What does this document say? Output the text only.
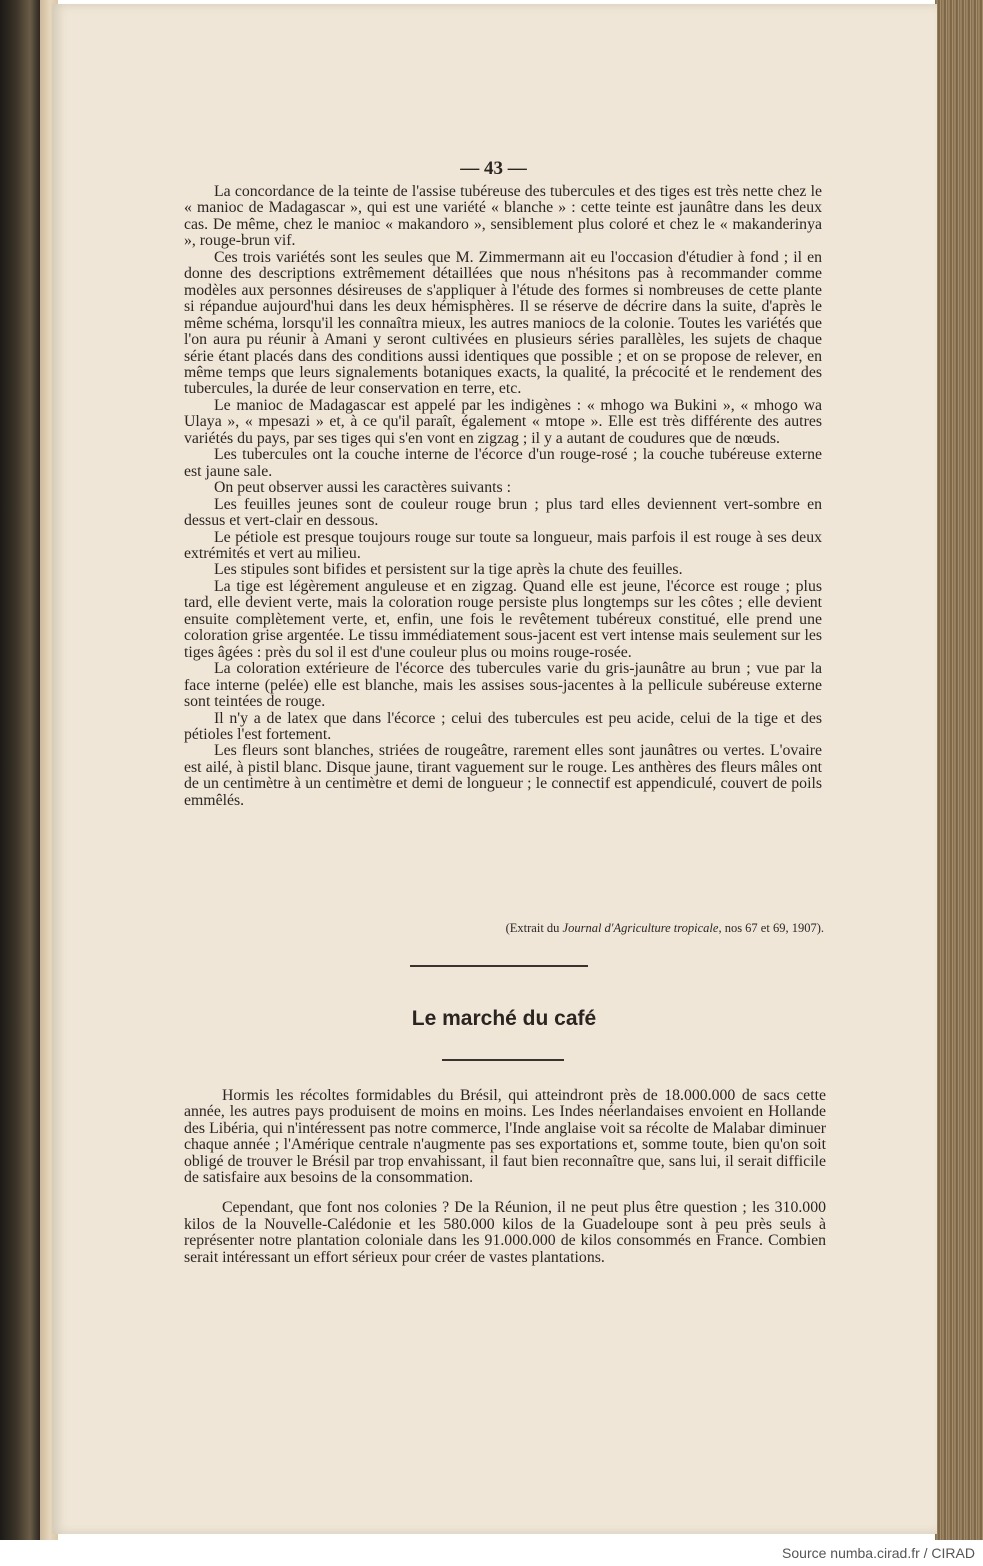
— 43 —

La concordance de la teinte de l'assise tubéreuse des tubercules et des tiges est très nette chez le « manioc de Madagascar », qui est une variété « blanche » : cette teinte est jaunâtre dans les deux cas. De même, chez le manioc « makandoro », sensiblement plus coloré et chez le « makanderinya », rouge-brun vif.

Ces trois variétés sont les seules que M. Zimmermann ait eu l'occasion d'étudier à fond ; il en donne des descriptions extrêmement détaillées que nous n'hésitons pas à recommander comme modèles aux personnes désireuses de s'appliquer à l'étude des formes si nombreuses de cette plante si répandue aujourd'hui dans les deux hémisphères. Il se réserve de décrire dans la suite, d'après le même schéma, lorsqu'il les connaîtra mieux, les autres maniocs de la colonie. Toutes les variétés que l'on aura pu réunir à Amani y seront cultivées en plusieurs séries parallèles, les sujets de chaque série étant placés dans des conditions aussi identiques que possible ; et on se propose de relever, en même temps que leurs signalements botaniques exacts, la qualité, la précocité et le rendement des tubercules, la durée de leur conservation en terre, etc.

Le manioc de Madagascar est appelé par les indigènes : « mhogo wa Bukini », « mhogo wa Ulaya », « mpesazi » et, à ce qu'il paraît, également « mtope ». Elle est très différente des autres variétés du pays, par ses tiges qui s'en vont en zigzag ; il y a autant de coudures que de nœuds.

Les tubercules ont la couche interne de l'écorce d'un rouge-rosé ; la couche tubéreuse externe est jaune sale.

On peut observer aussi les caractères suivants :

Les feuilles jeunes sont de couleur rouge brun ; plus tard elles deviennent vert-sombre en dessus et vert-clair en dessous.

Le pétiole est presque toujours rouge sur toute sa longueur, mais parfois il est rouge à ses deux extrémités et vert au milieu.

Les stipules sont bifides et persistent sur la tige après la chute des feuilles.

La tige est légèrement anguleuse et en zigzag. Quand elle est jeune, l'écorce est rouge ; plus tard, elle devient verte, mais la coloration rouge persiste plus longtemps sur les côtes ; elle devient ensuite complètement verte, et, enfin, une fois le revêtement tubéreux constitué, elle prend une coloration grise argentée. Le tissu immédiatement sous-jacent est vert intense mais seulement sur les tiges âgées : près du sol il est d'une couleur plus ou moins rouge-rosée.

La coloration extérieure de l'écorce des tubercules varie du gris-jaunâtre au brun ; vue par la face interne (pelée) elle est blanche, mais les assises sous-jacentes à la pellicule subéreuse externe sont teintées de rouge.

Il n'y a de latex que dans l'écorce ; celui des tubercules est peu acide, celui de la tige et des pétioles l'est fortement.

Les fleurs sont blanches, striées de rougeâtre, rarement elles sont jaunâtres ou vertes. L'ovaire est ailé, à pistil blanc. Disque jaune, tirant vaguement sur le rouge. Les anthères des fleurs mâles ont de un centimètre à un centimètre et demi de longueur ; le connectif est appendiculé, couvert de poils emmêlés.

(Extrait du Journal d'Agriculture tropicale, nos 67 et 69, 1907).
Le marché du café

Hormis les récoltes formidables du Brésil, qui atteindront près de 18.000.000 de sacs cette année, les autres pays produisent de moins en moins. Les Indes néerlandaises envoient en Hollande des Libéria, qui n'intéressent pas notre commerce, l'Inde anglaise voit sa récolte de Malabar diminuer chaque année ; l'Amérique centrale n'augmente pas ses exportations et, somme toute, bien qu'on soit obligé de trouver le Brésil par trop envahissant, il faut bien reconnaître que, sans lui, il serait difficile de satisfaire aux besoins de la consommation.

Cependant, que font nos colonies ? De la Réunion, il ne peut plus être question ; les 310.000 kilos de la Nouvelle-Calédonie et les 580.000 kilos de la Guadeloupe sont à peu près seuls à représenter notre plantation coloniale dans les 91.000.000 de kilos consommés en France. Combien serait intéressant un effort sérieux pour créer de vastes plantations.

Source numba.cirad.fr / CIRAD
